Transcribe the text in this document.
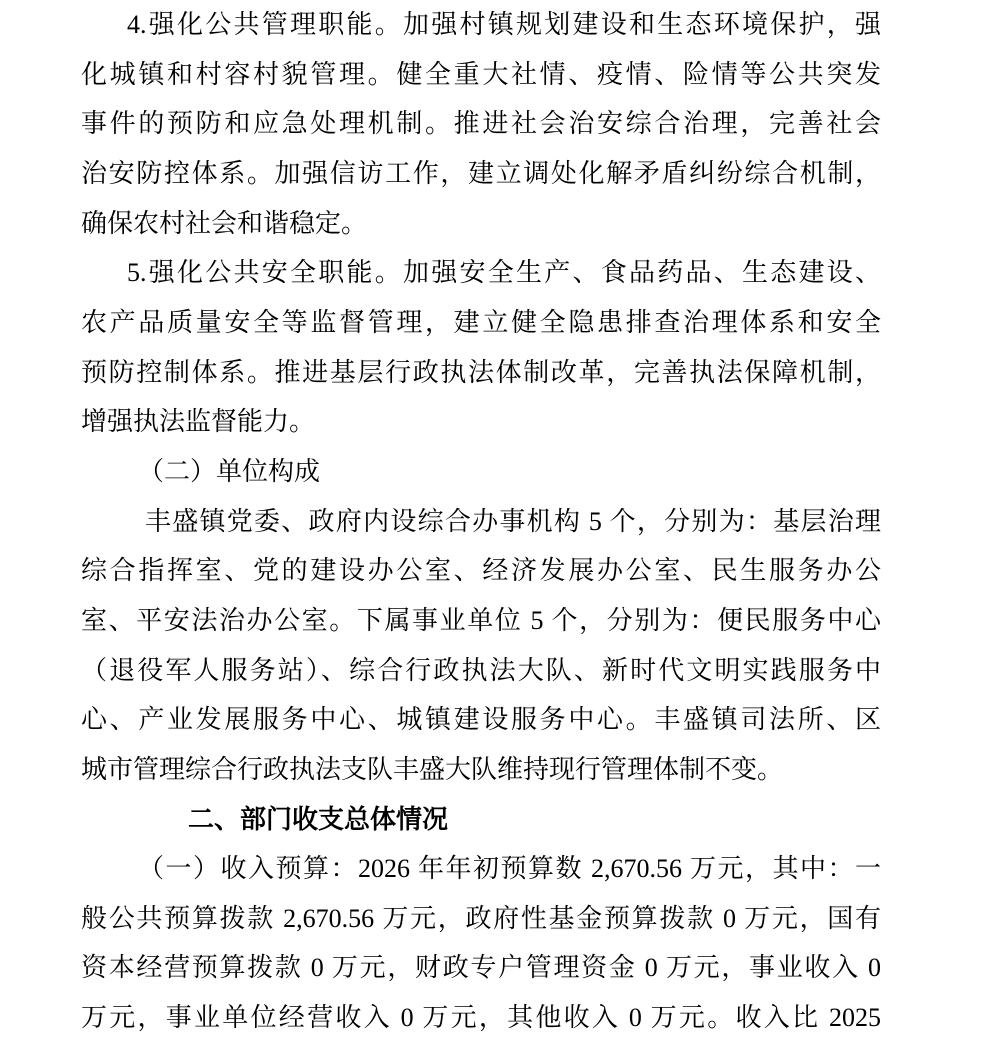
4.强化公共管理职能。加强村镇规划建设和生态环境保护，强
化城镇和村容村貌管理。健全重大社情、疫情、险情等公共突发
事件的预防和应急处理机制。推进社会治安综合治理，完善社会
治安防控体系。加强信访工作，建立调处化解矛盾纠纷综合机制，
确保农村社会和谐稳定。
5.强化公共安全职能。加强安全生产、食品药品、生态建设、
农产品质量安全等监督管理，建立健全隐患排查治理体系和安全
预防控制体系。推进基层行政执法体制改革，完善执法保障机制，
增强执法监督能力。
（二）单位构成
丰盛镇党委、政府内设综合办事机构 5 个，分别为：基层治理
综合指挥室、党的建设办公室、经济发展办公室、民生服务办公
室、平安法治办公室。下属事业单位 5 个，分别为：便民服务中心
（退役军人服务站）、综合行政执法大队、新时代文明实践服务中
心、产业发展服务中心、城镇建设服务中心。丰盛镇司法所、区
城市管理综合行政执法支队丰盛大队维持现行管理体制不变。
二、部门收支总体情况
（一）收入预算：2026 年年初预算数 2,670.56 万元，其中：一
般公共预算拨款 2,670.56 万元，政府性基金预算拨款 0 万元，国有
资本经营预算拨款 0 万元，财政专户管理资金 0 万元，事业收入 0
万元，事业单位经营收入 0 万元，其他收入 0 万元。收入比 2025
